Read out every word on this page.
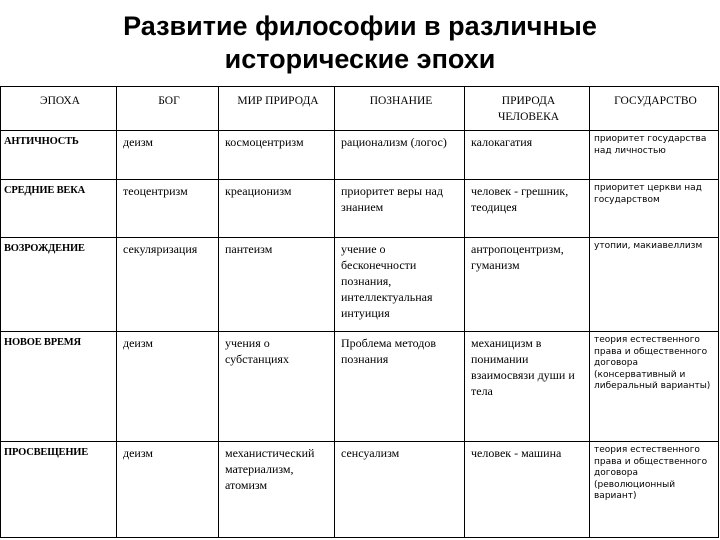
Развитие философии в различные
исторические эпохи
ЭПОХА	БОГ	МИР ПРИРОДА	ПОЗНАНИЕ	ПРИРОДА ЧЕЛОВЕКА	ГОСУДАРСТВО
АНТИЧНОСТЬ	деизм	космоцентризм	рационализм (логос)	калокагатия	приоритет государства над личностью
СРЕДНИЕ ВЕКА	теоцентризм	креационизм	приоритет веры над знанием	человек - грешник, теодицея	приоритет церкви над государством
ВОЗРОЖДЕНИЕ	секуляризация	пантеизм	учение о бесконечности познания, интеллектуальная интуиция	антропоцентризм, гуманизм	утопии, макиавеллизм
НОВОЕ ВРЕМЯ	деизм	учения о субстанциях	Проблема методов познания	механицизм в понимании взаимосвязи души и тела	теория естественного права и общественного договора (консервативный и либеральный варианты)
ПРОСВЕЩЕНИЕ	деизм	механистический материализм, атомизм	сенсуализм	человек - машина	теория естественного права и общественного договора (революционный вариант)
